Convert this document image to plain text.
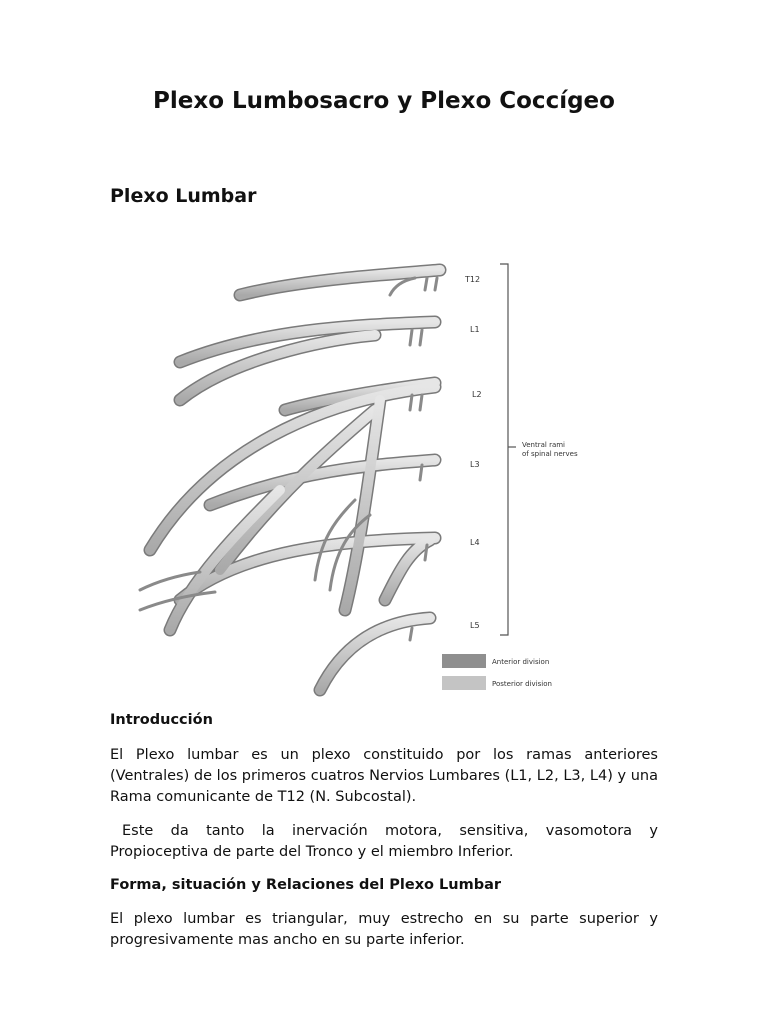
Plexo Lumbosacro y Plexo Coccígeo
Plexo Lumbar
T12
L1
L2
L3
L4
L5
Ventral rami
of spinal nerves
Anterior division
Posterior division
Introducción

El Plexo lumbar es un plexo constituido por los ramas anteriores (Ventrales) de los primeros cuatros Nervios Lumbares (L1, L2, L3, L4) y una Rama comunicante de T12 (N. Subcostal).

Este da tanto la inervación motora, sensitiva, vasomotora y Propioceptiva de parte del Tronco y el miembro Inferior.

Forma, situación y Relaciones del Plexo Lumbar

El plexo lumbar es triangular, muy estrecho en su parte superior y progresivamente mas ancho en su parte inferior.
